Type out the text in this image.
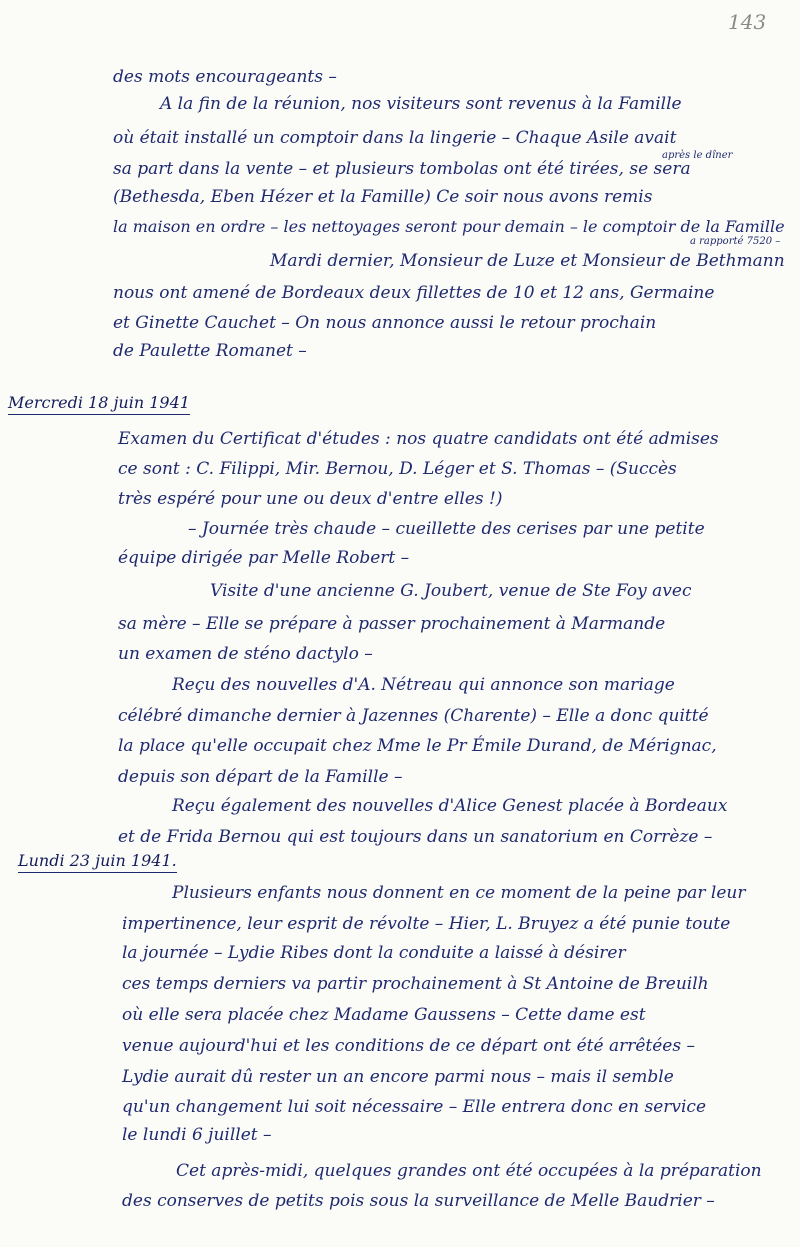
143
des mots encourageants –
A la fin de la réunion, nos visiteurs sont revenus à la Famille
où était installé un comptoir dans la lingerie – Chaque Asile avait
sa part dans la vente – et plusieurs tombolas ont été tirées, se sera
après le dîner
(Bethesda, Eben Hézer et la Famille) Ce soir nous avons remis
la maison en ordre – les nettoyages seront pour demain – le comptoir de la Famille
a rapporté 7520 –
Mardi dernier, Monsieur de Luze et Monsieur de Bethmann
nous ont amené de Bordeaux deux fillettes de 10 et 12 ans, Germaine
et Ginette Cauchet – On nous annonce aussi le retour prochain
de Paulette Romanet –
Mercredi 18 juin 1941
Examen du Certificat d'études : nos quatre candidats ont été admises
ce sont : C. Filippi, Mir. Bernou, D. Léger et S. Thomas – (Succès
très espéré pour une ou deux d'entre elles !)
– Journée très chaude – cueillette des cerises par une petite
équipe dirigée par Melle Robert –
Visite d'une ancienne G. Joubert, venue de Ste Foy avec
sa mère – Elle se prépare à passer prochainement à Marmande
un examen de sténo dactylo –
Reçu des nouvelles d'A. Nétreau qui annonce son mariage
célébré dimanche dernier à Jazennes (Charente) – Elle a donc quitté
la place qu'elle occupait chez Mme le Pr Émile Durand, de Mérignac,
depuis son départ de la Famille –
Reçu également des nouvelles d'Alice Genest placée à Bordeaux
et de Frida Bernou qui est toujours dans un sanatorium en Corrèze –
Lundi 23 juin 1941.
Plusieurs enfants nous donnent en ce moment de la peine par leur
impertinence, leur esprit de révolte – Hier, L. Bruyez a été punie toute
la journée – Lydie Ribes dont la conduite a laissé à désirer
ces temps derniers va partir prochainement à St Antoine de Breuilh
où elle sera placée chez Madame Gaussens – Cette dame est
venue aujourd'hui et les conditions de ce départ ont été arrêtées –
Lydie aurait dû rester un an encore parmi nous – mais il semble
qu'un changement lui soit nécessaire – Elle entrera donc en service
le lundi 6 juillet –
Cet après-midi, quelques grandes ont été occupées à la préparation
des conserves de petits pois sous la surveillance de Melle Baudrier –
